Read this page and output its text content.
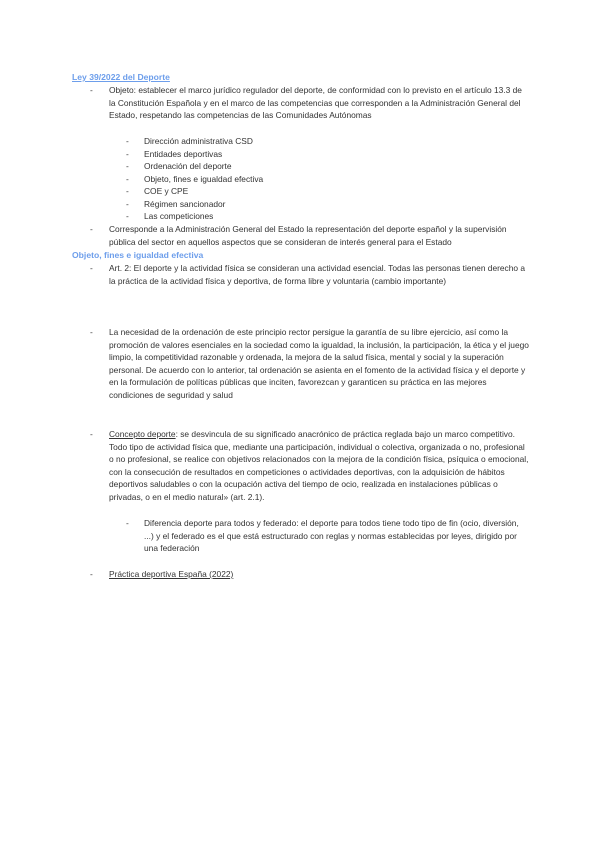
Ley 39/2022 del Deporte
- Objeto: establecer el marco jurídico regulador del deporte, de conformidad con lo previsto en el artículo 13.3 de la Constitución Española y en el marco de las competencias que corresponden a la Administración General del Estado, respetando las competencias de las Comunidades Autónomas
- Dirección administrativa CSD
- Entidades deportivas
- Ordenación del deporte
- Objeto, fines e igualdad efectiva
- COE y CPE
- Régimen sancionador
- Las competiciones
- Corresponde a la Administración General del Estado la representación del deporte español y la supervisión pública del sector en aquellos aspectos que se consideran de interés general para el Estado
Objeto, fines e igualdad efectiva
- Art. 2: El deporte y la actividad física se consideran una actividad esencial. Todas las personas tienen derecho a la práctica de la actividad física y deportiva, de forma libre y voluntaria (cambio importante)
- La necesidad de la ordenación de este principio rector persigue la garantía de su libre ejercicio, así como la promoción de valores esenciales en la sociedad como la igualdad, la inclusión, la participación, la ética y el juego limpio, la competitividad razonable y ordenada, la mejora de la salud física, mental y social y la superación personal. De acuerdo con lo anterior, tal ordenación se asienta en el fomento de la actividad física y el deporte y en la formulación de políticas públicas que inciten, favorezcan y garanticen su práctica en las mejores condiciones de seguridad y salud
- Concepto deporte: se desvincula de su significado anacrónico de práctica reglada bajo un marco competitivo. Todo tipo de actividad física que, mediante una participación, individual o colectiva, organizada o no, profesional o no profesional, se realice con objetivos relacionados con la mejora de la condición física, psíquica o emocional, con la consecución de resultados en competiciones o actividades deportivas, con la adquisición de hábitos deportivos saludables o con la ocupación activa del tiempo de ocio, realizada en instalaciones públicas o privadas, o en el medio natural» (art. 2.1).
- Diferencia deporte para todos y federado: el deporte para todos tiene todo tipo de fin (ocio, diversión, ...) y el federado es el que está estructurado con reglas y normas establecidas por leyes, dirigido por una federación
- Práctica deportiva España (2022)
